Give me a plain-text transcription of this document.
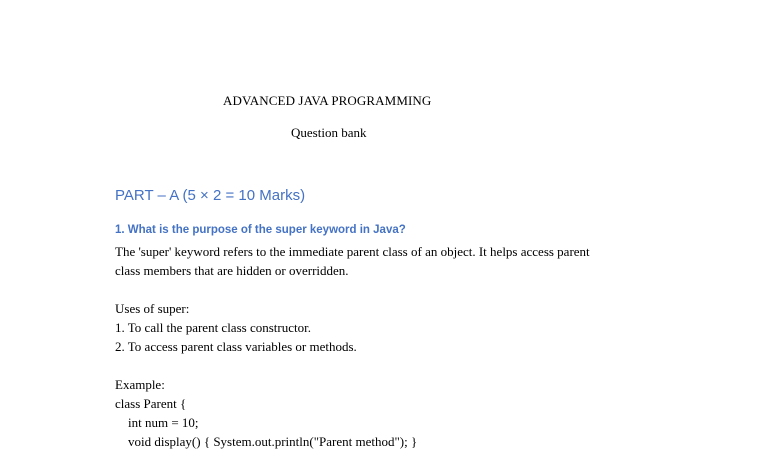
ADVANCED JAVA PROGRAMMING
Question bank
PART – A (5 × 2 = 10 Marks)
1. What is the purpose of the super keyword in Java?
The 'super' keyword refers to the immediate parent class of an object. It helps access parent
class members that are hidden or overridden.
Uses of super:
1. To call the parent class constructor.
2. To access parent class variables or methods.
Example:
class Parent {
int num = 10;
void display() { System.out.println("Parent method"); }
